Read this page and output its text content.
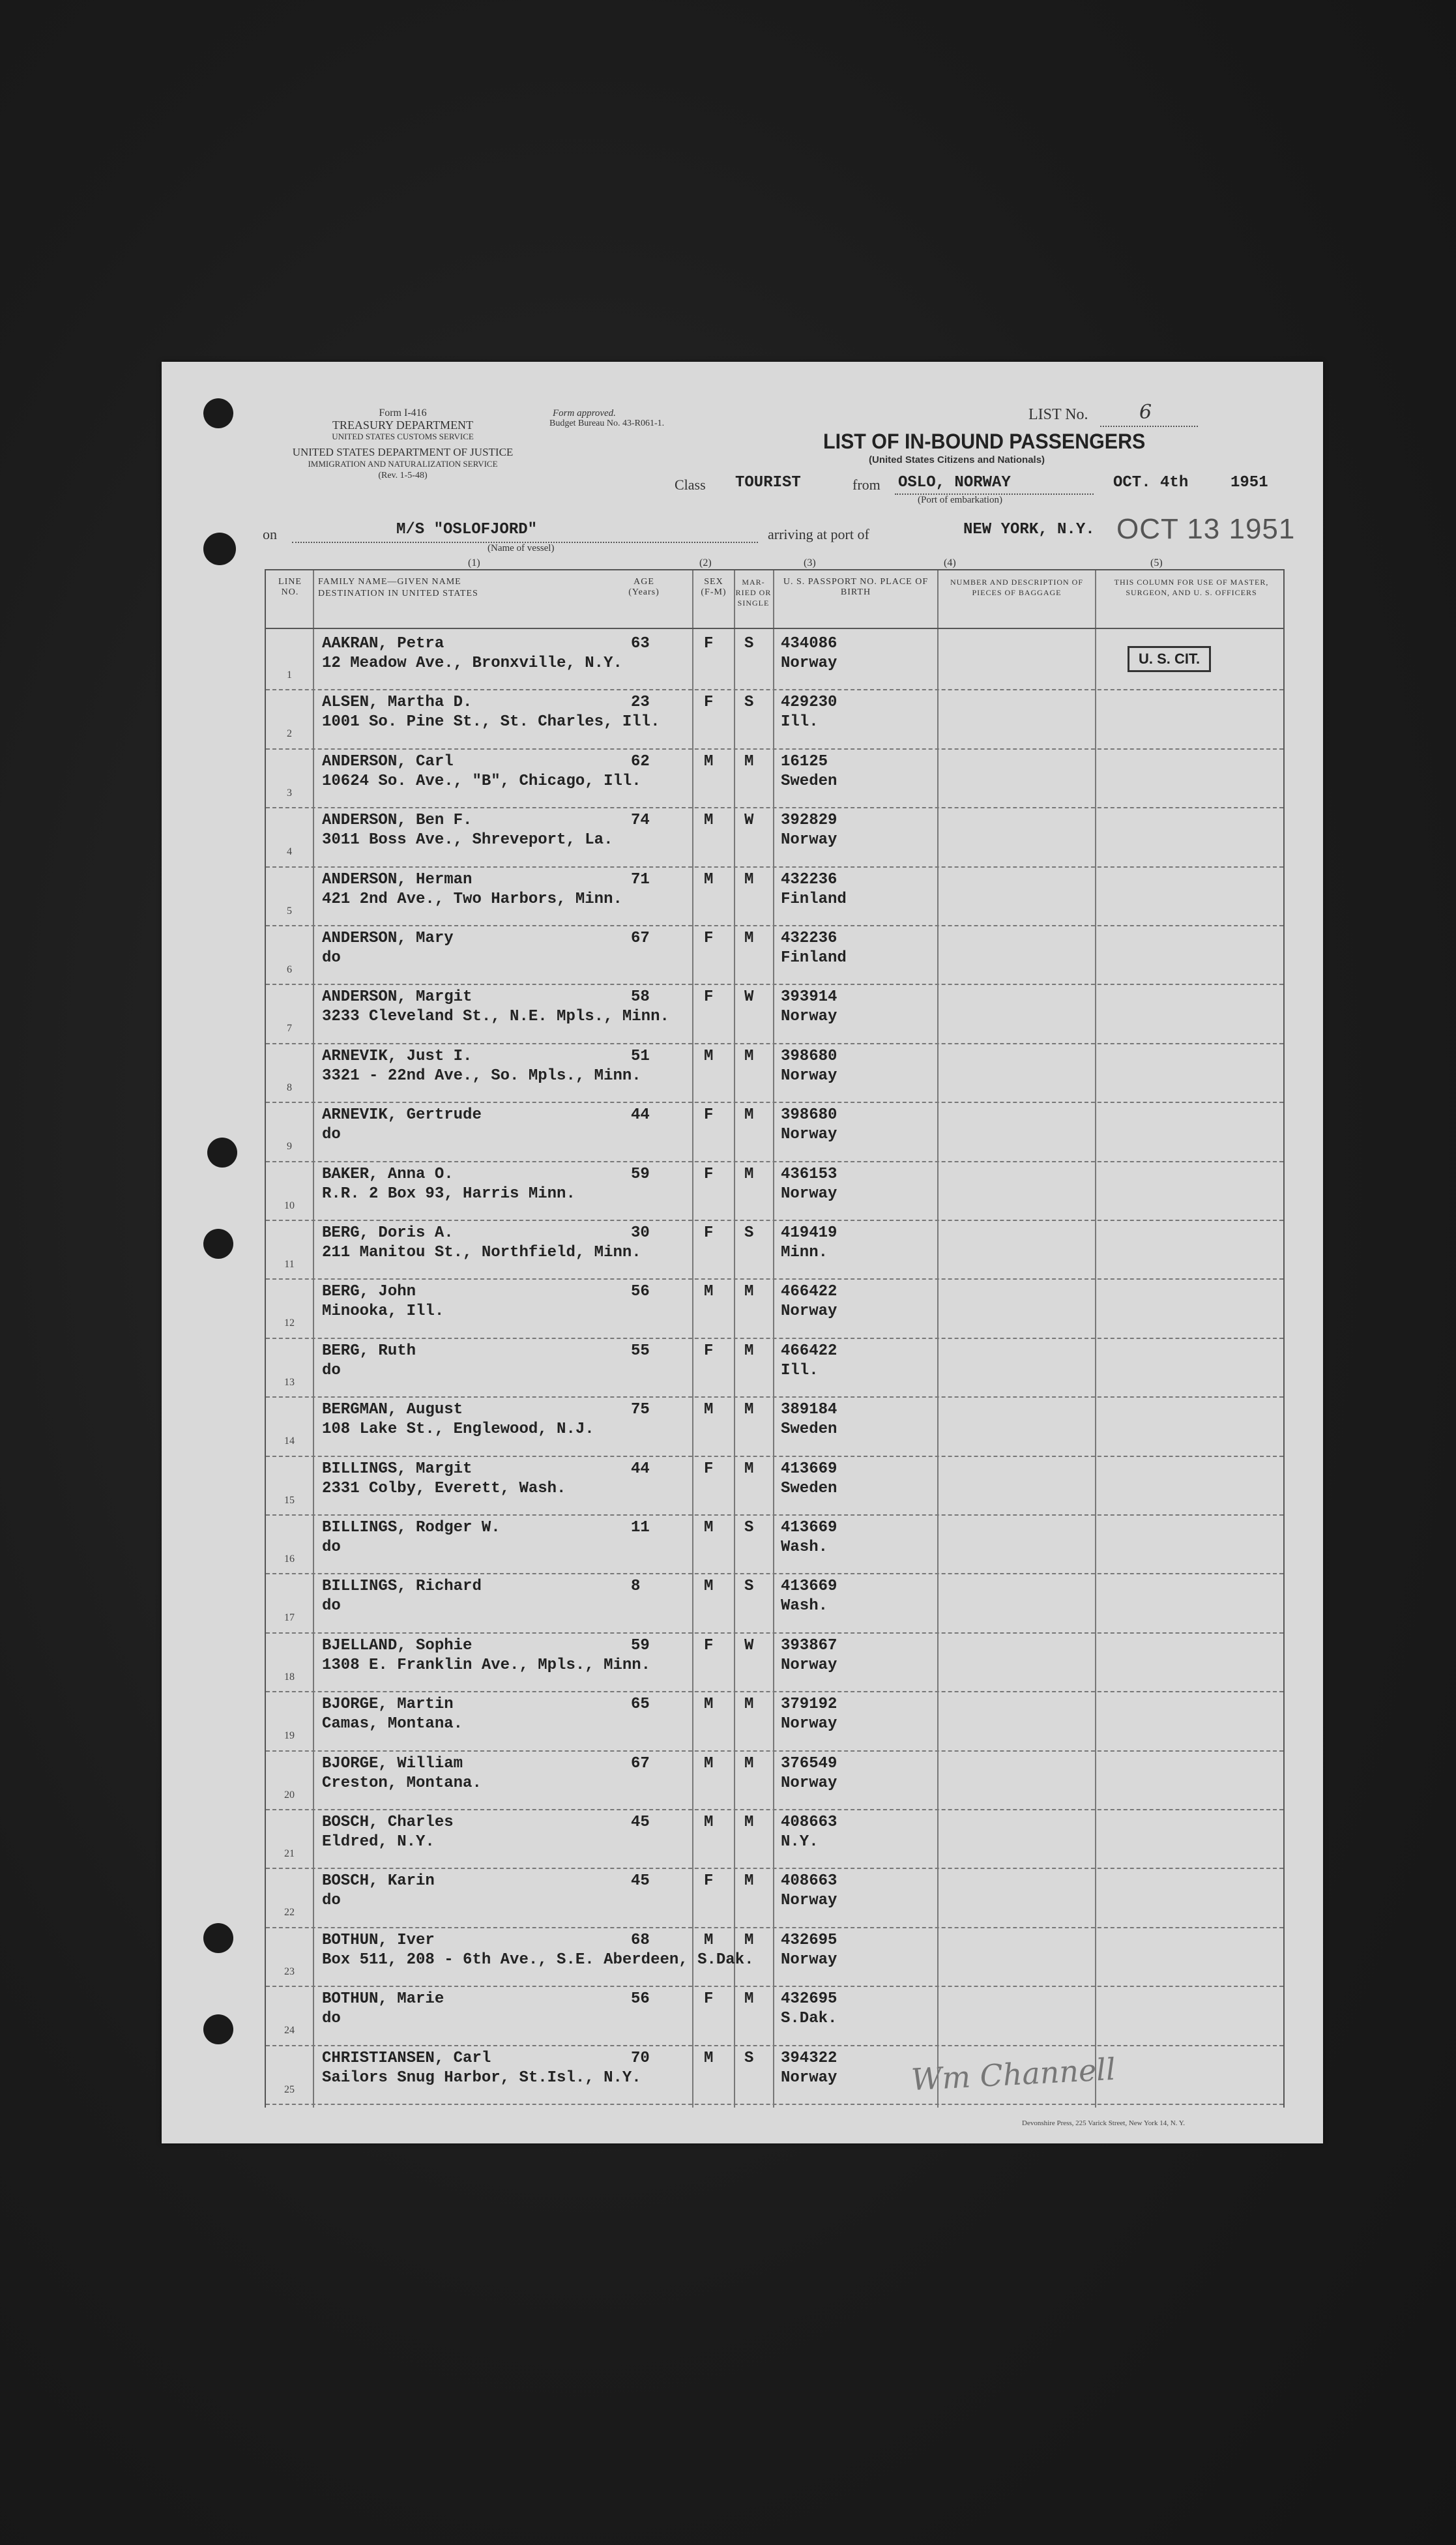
Form I-416
TREASURY DEPARTMENT
UNITED STATES CUSTOMS SERVICE
UNITED STATES DEPARTMENT OF JUSTICE
IMMIGRATION AND NATURALIZATION SERVICE
(Rev. 1-5-48)
Form approved.
Budget Bureau No. 43-R061-1.
LIST No.	6
LIST OF IN-BOUND PASSENGERS
(United States Citizens and Nationals)
Class TOURIST	from OSLO, NORWAY
(Port of embarkation)
OCT. 4th	1951
on	M/S "OSLOFJORD"
(Name of vessel)
arriving at port of	NEW YORK, N.Y. OCT 13 1951
(1)	(2)	(3)	(4)	(5)
LINE NO.
FAMILY NAME—GIVEN NAME
DESTINATION IN UNITED STATES
AGE (Years)
SEX (F-M)
MAR-RIED OR SINGLE
U. S. PASSPORT NO. PLACE OF BIRTH
NUMBER AND DESCRIPTION OF PIECES OF BAGGAGE
THIS COLUMN FOR USE OF MASTER, SURGEON, AND U. S. OFFICERS
1
AAKRAN, Petra
12 Meadow Ave., Bronxville, N.Y.
63	F S 434086
Norway
2
ALSEN, Martha D.
1001 So. Pine St., St. Charles, Ill.
23	F S 429230
Ill.
3
ANDERSON, Carl
10624 So. Ave., "B", Chicago, Ill.
62	M M 16125
Sweden
4
ANDERSON, Ben F.
3011 Boss Ave., Shreveport, La.
74	M W 392829
Norway
5
ANDERSON, Herman
421 2nd Ave., Two Harbors, Minn.
71	M M 432236
Finland
6
ANDERSON, Mary
do
67	F M 432236
Finland
7
ANDERSON, Margit
3233 Cleveland St., N.E. Mpls., Minn.
58	F W 393914
Norway
8
ARNEVIK, Just I.
3321 - 22nd Ave., So. Mpls., Minn.
51	M M 398680
Norway
9
ARNEVIK, Gertrude
do
44	F M 398680
Norway
10
BAKER, Anna O.
R.R. 2 Box 93, Harris Minn.
59	F M 436153
Norway
11
BERG, Doris A.
211 Manitou St., Northfield, Minn.
30	F S 419419
Minn.
12
BERG, John
Minooka, Ill.
56	M M 466422
Norway
13
BERG, Ruth
do
55	F M 466422
Ill.
14
BERGMAN, August
108 Lake St., Englewood, N.J.
75	M M 389184
Sweden
15
BILLINGS, Margit
2331 Colby, Everett, Wash.
44	F M 413669
Sweden
16
BILLINGS, Rodger W.
do
11	M S 413669
Wash.
17
BILLINGS, Richard
do
8	M S 413669
Wash.
18
BJELLAND, Sophie
1308 E. Franklin Ave., Mpls., Minn.
59	F W 393867
Norway
19
BJORGE, Martin
Camas, Montana.
65	M M 379192
Norway
20
BJORGE, William
Creston, Montana.
67	M M 376549
Norway
21
BOSCH, Charles
Eldred, N.Y.
45	M M 408663
N.Y.
22
BOSCH, Karin
do
45	F M 408663
Norway
23
BOTHUN, Iver
Box 511, 208 - 6th Ave., S.E. Aberdeen, S.Dak.
68	M M 432695
Norway
24
BOTHUN, Marie
do
56	F M 432695
S.Dak.
25
CHRISTIANSEN, Carl
Sailors Snug Harbor, St.Isl., N.Y.
70	M S 394322
Norway
U. S. CIT.
Wm Channell
Devonshire Press, 225 Varick Street, New York 14, N. Y.
